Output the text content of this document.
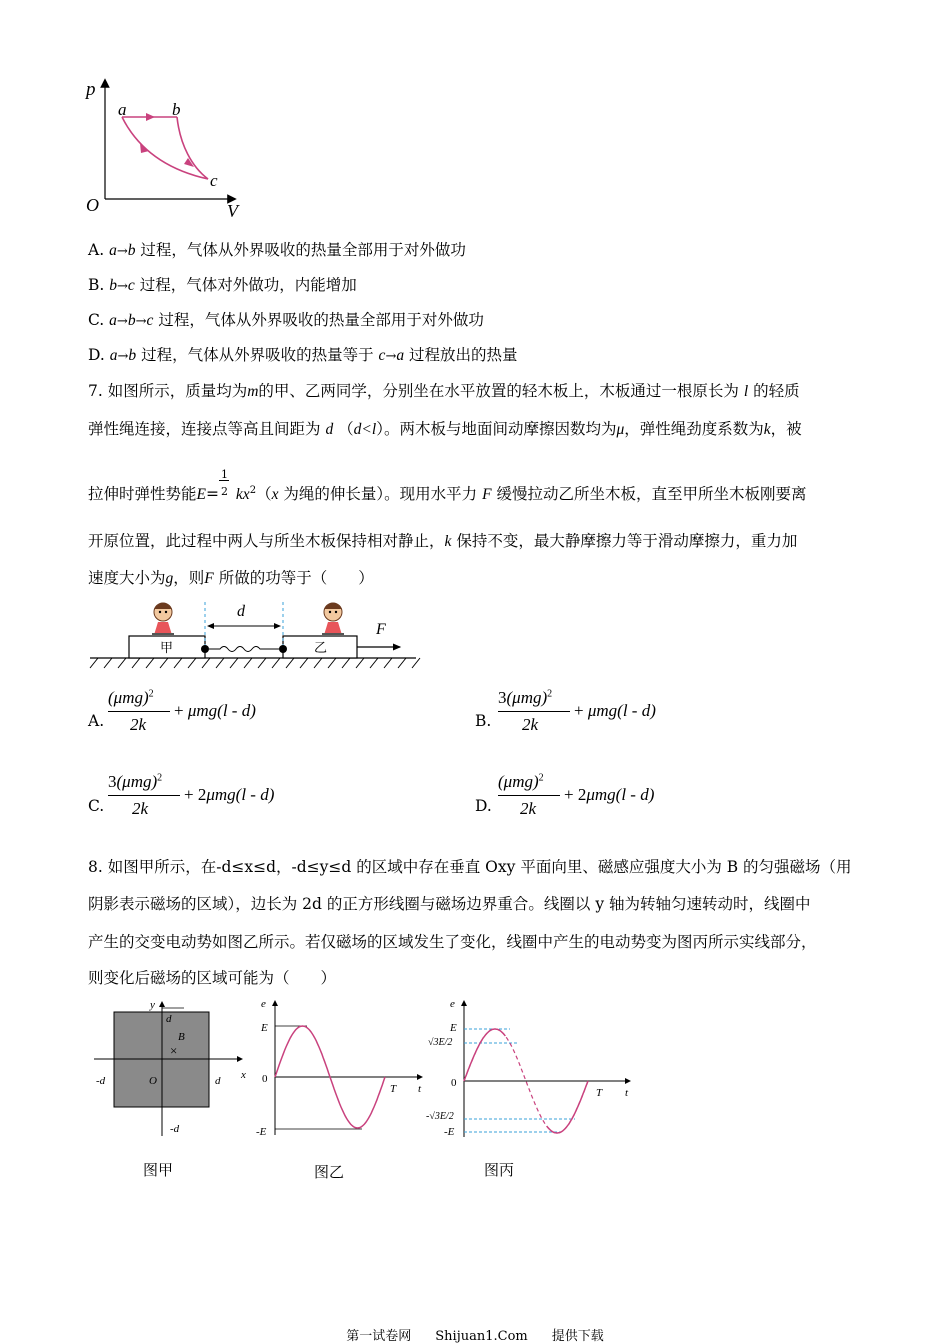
p
V
O
a	b
c
A. a→b 过程，气体从外界吸收的热量全部用于对外做功
B. b→c 过程，气体对外做功，内能增加
C. a→b→c 过程，气体从外界吸收的热量全部用于对外做功
D. a→b 过程，气体从外界吸收的热量等于 c→a 过程放出的热量
7. 如图所示，质量均为m的甲、乙两同学，分别坐在水平放置的轻木板上，木板通过一根原长为 l 的轻质
弹性绳连接，连接点等高且间距为 d （d<l）。两木板与地面间动摩擦因数均为μ，弹性绳劲度系数为k，被
拉伸时弹性势能$E= \frac{1}{2} kx^2(x$ 为绳的伸长量）。现用水平力 F 缓慢拉动乙所坐木板，直至甲所坐木板刚要离
开原位置，此过程中两人与所坐木板保持相对静止，k 保持不变，最大静摩擦力等于滑动摩擦力，重力加
速度大小为g，则F 所做的功等于（　　）
甲	乙
d
F
A.
$(\mu mg)^2$
2k
+ μmg(l - d)
B.
$3(\mu mg)^2$
2k
+ μmg(l - d)
C.
$3(\mu mg)^2$
2k
+ 2μmg(l - d)
D.
$(\mu mg)^2$
2k
+ 2μmg(l - d)
8. 如图甲所示，在-d≤x≤d，-d≤y≤d 的区域中存在垂直 Oxy 平面向里、磁感应强度大小为 B 的匀强磁场（用
阴影表示磁场的区域），边长为 2d 的正方形线圈与磁场边界重合。线圈以 y 轴为转轴匀速转动时，线圈中
产生的交变电动势如图乙所示。若仅磁场的区域发生了变化，线圈中产生的电动势变为图丙所示实线部分，
则变化后磁场的区域可能为（　　）
y
x
d
B
×
-d	O	d
-d
图甲
e
E
0
T t
-E
图乙
e
E
√3E/2
0
T t
-√3E/2
-E
图丙
第一试卷网 Shijuan1.Com 提供下载
